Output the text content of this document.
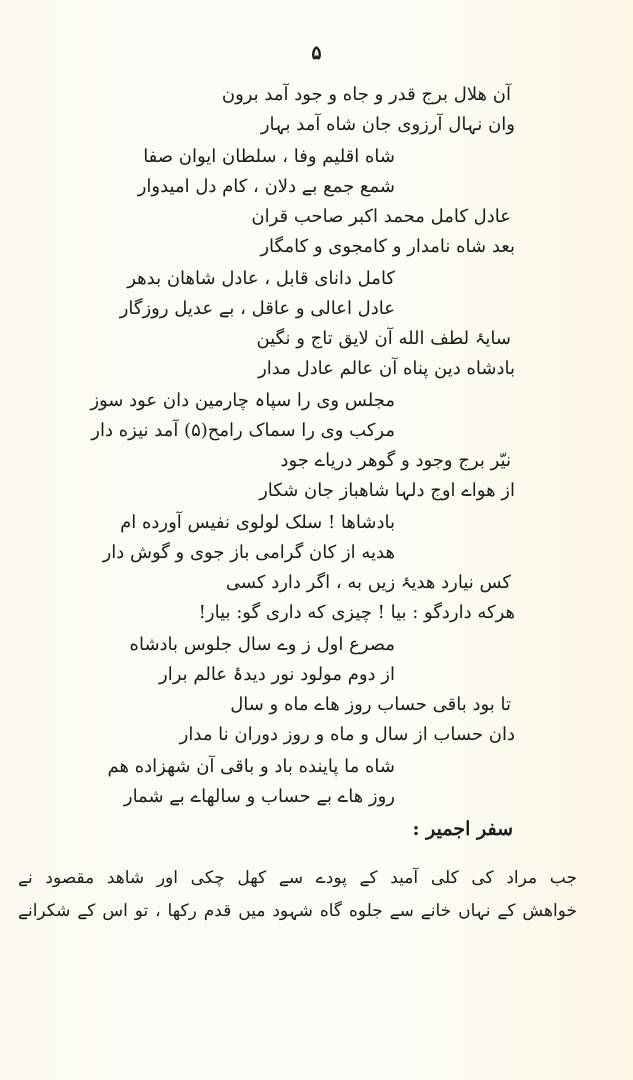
۵
آن هلال برج قدر و جاه و جود آمد برون
وان نہال آرزوی جان شاه آمد بہار
شاه اقلیم وفا ، سلطان ایوان صفا
شمع جمع بے دلان ، کام دل امیدوار
عادل کامل محمد اکبر صاحب قران
بعد شاه نامدار و کامجوی و کامگار
کامل دانای قابل ، عادل شاهان بدھر
عادل اعالی و عاقل ، بے عدیل روزگار
سایۂ لطف الله آن لایق تاج و نگین
بادشاه دین پناه آن عالم عادل مدار
مجلس وی را سپاہ چارمین دان عود سوز
مرکب وی را سماک رامح(۵) آمد نیزه دار
نیّر برج وجود و گوهر دریاے جود
از هواے اوج دلہا شاهباز جان شکار
بادشاها ! سلک لولوی نفیس آورده ام
هدیه از کان گرامی باز جوی و گوش دار
کس نیارد هدیۂ زیں به ، اگر دارد کسی
هرکه داردگو : بیا ! چیزی که داری گو: بیار!
مصرع اول ز وے سال جلوس بادشاه
از دوم مولود نور دیدۂ عالم برار
تا بود باقی حساب روز هاے ماه و سال
دان حساب از سال و ماه و روز دوران نا مدار
شاه ما پاینده باد و باقی آن شهزاده هم
روز هاے بے حساب و سالهاے بے شمار
سفر اجمیر :
جب مراد کی کلی آمید کے پودے سے کھل چکی اور شاهد مقصود نے
خواهش کے نہاں خانے سے جلوه گاه شہود میں قدم رکھا ، تو اس کے شکرانے
